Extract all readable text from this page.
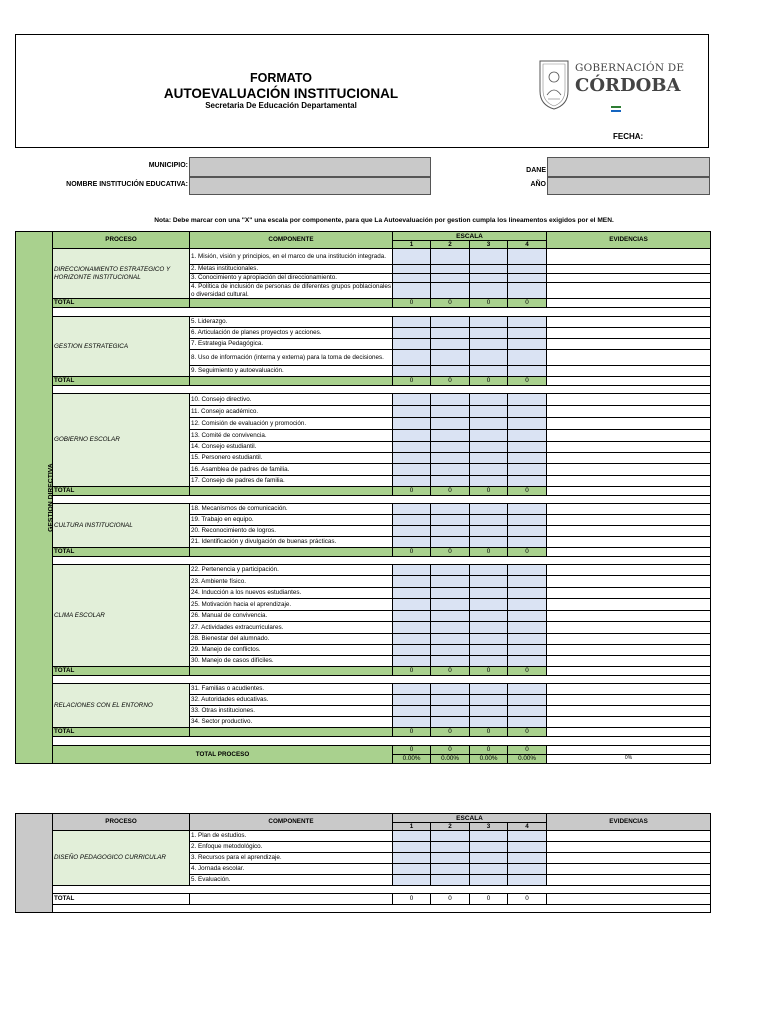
FORMATO
AUTOEVALUACIÓN INSTITUCIONAL
Secretaria De Educación Departamental
GOBERNACIÓN DE
CÓRDOBA
FECHA:
MUNICIPIO:
NOMBRE INSTITUCIÓN EDUCATIVA:
DANE
AÑO
Nota: Debe marcar con una "X" una escala por componente, para que La Autoevaluación por gestion cumpla los lineamentos exigidos por el MEN.
GESTION DIRECTIVA	PROCESO	COMPONENTE	ESCALA				EVIDENCIAS
			1	2	3	4	
	DIRECCIONAMIENTO ESTRATEGICO Y HORIZONTE INSTITUCIONAL	1. Misión, visión y principios, en el marco de una institución integrada.					
		2. Metas institucionales.					
		3. Conocimiento y apropiación del direccionamiento.					
		4. Política de inclusión de personas de diferentes grupos poblacionales o diversidad cultural.					
	TOTAL		0	0	0	0	

	GESTION ESTRATEGICA	5. Liderazgo.					
		6. Articulación de planes proyectos y acciones.					
		7. Estrategia Pedagógica.					
		8. Uso de información (interna y externa) para la toma de decisiones.					
		9. Seguimiento y autoevaluación.					
	TOTAL		0	0	0	0	

	GOBIERNO ESCOLAR	10. Consejo directivo.					
		11. Consejo académico.					
		12. Comisión de evaluación y promoción.					
		13. Comité de convivencia.					
		14. Consejo estudiantil.					
		15. Personero estudiantil.					
		16. Asamblea de padres de familia.					
		17. Consejo de padres de familia.					
	TOTAL		0	0	0	0	

	CULTURA INSTITUCIONAL	18. Mecanismos de comunicación.					
		19. Trabajo en equipo.					
		20. Reconocimiento de logros.					
		21. Identificación y divulgación de buenas prácticas.					
	TOTAL		0	0	0	0	

	CLIMA ESCOLAR	22. Pertenencia y participación.					
		23. Ambiente físico.					
		24. Inducción a los nuevos estudiantes.					
		25. Motivación hacia el aprendizaje.					
		26. Manual de convivencia.					
		27. Actividades extracurriculares.					
		28. Bienestar del alumnado.					
		29. Manejo de conflictos.					
		30. Manejo de casos difíciles.					
	TOTAL		0	0	0	0	

	RELACIONES CON EL ENTORNO	31. Familias o acudientes.					
		32. Autoridades educativas.					
		33. Otras instituciones.					
		34. Sector productivo.					
	TOTAL		0	0	0	0	

	TOTAL PROCESO		0	0	0	0	
			0.00%	0.00%	0.00%	0.00%	0%
	PROCESO	COMPONENTE	ESCALA				EVIDENCIAS
			1	2	3	4	
	DISEÑO PEDAGOGICO CURRICULAR	1. Plan de estudios.					
		2. Enfoque metodológico.					
		3. Recursos para el aprendizaje.					
		4. Jornada escolar.					
		5. Evaluación.					

	TOTAL		0	0	0	0	
